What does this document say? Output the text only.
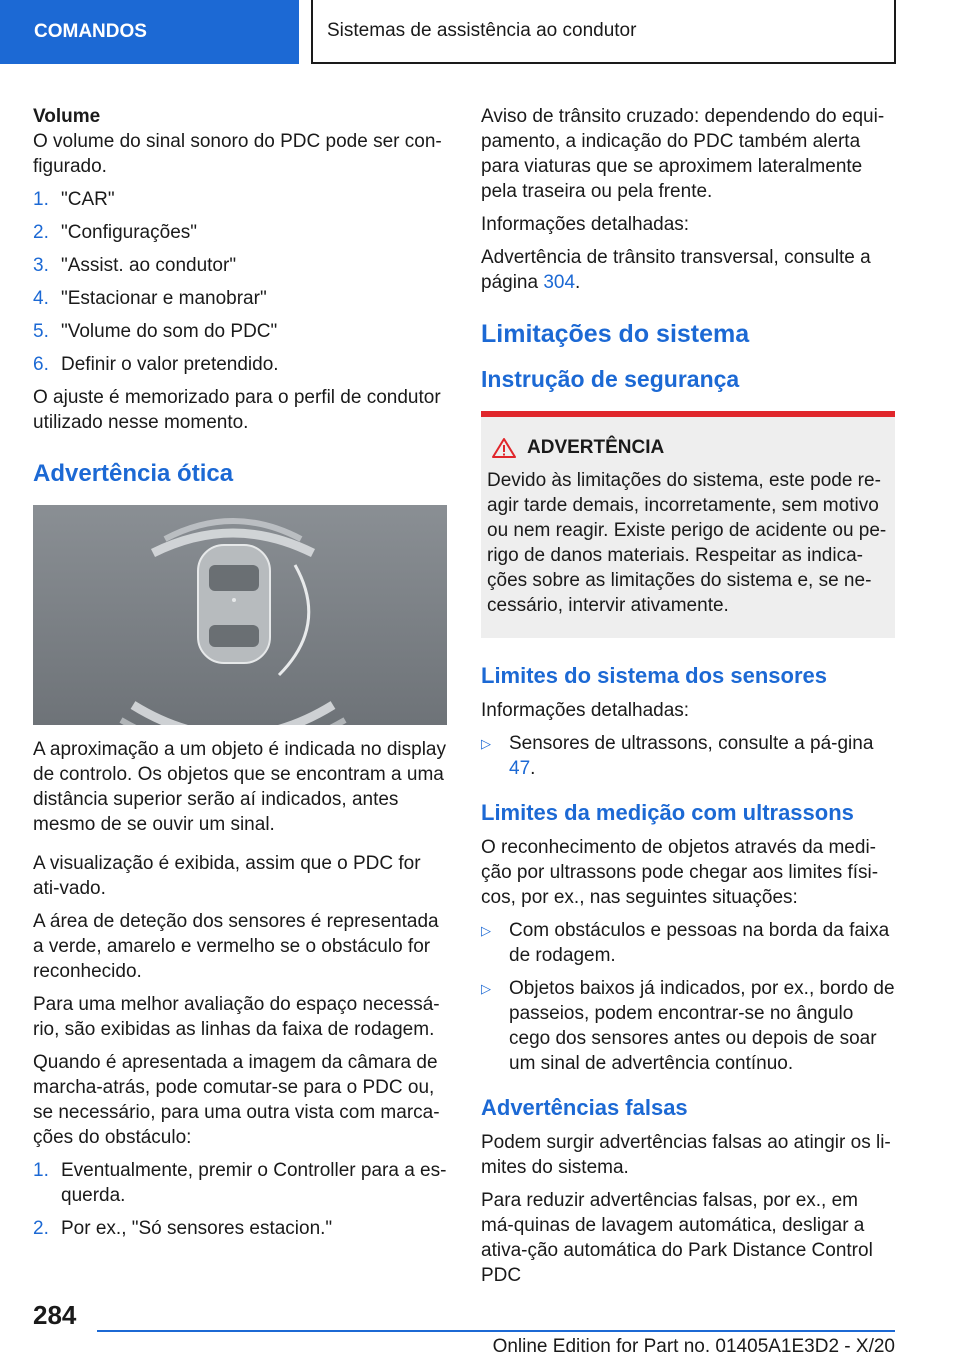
COMANDOS	Sistemas de assistência ao condutor

Volume

O volume do sinal sonoro do PDC pode ser con-figurado.

1. "CAR"
2. "Configurações"
3. "Assist. ao condutor"
4. "Estacionar e manobrar"
5. "Volume do som do PDC"
6. Definir o valor pretendido.

O ajuste é memorizado para o perfil de condutor utilizado nesse momento.

Advertência ótica

A aproximação a um objeto é indicada no display de controlo. Os objetos que se encontram a uma distância superior serão aí indicados, antes mesmo de se ouvir um sinal.

A visualização é exibida, assim que o PDC for ati-vado.

A área de deteção dos sensores é representada a verde, amarelo e vermelho se o obstáculo for reconhecido.

Para uma melhor avaliação do espaço necessá-rio, são exibidas as linhas da faixa de rodagem.

Quando é apresentada a imagem da câmara de marcha-atrás, pode comutar-se para o PDC ou, se necessário, para uma outra vista com marca-ções do obstáculo:

1. Eventualmente, premir o Controller para a es-querda.
2. Por ex., "Só sensores estacion."

Aviso de trânsito cruzado: dependendo do equi-pamento, a indicação do PDC também alerta para viaturas que se aproximem lateralmente pela traseira ou pela frente.

Informações detalhadas:

Advertência de trânsito transversal, consulte a página 304.

Limitações do sistema
Instrução de segurança
ADVERTÊNCIA

Devido às limitações do sistema, este pode re-agir tarde demais, incorretamente, sem motivo ou nem reagir. Existe perigo de acidente ou pe-rigo de danos materiais. Respeitar as indica-ções sobre as limitações do sistema e, se ne-cessário, intervir ativamente.

Limites do sistema dos sensores

Informações detalhadas:

▷ Sensores de ultrassons, consulte a pá-gina 47.
Limites da medição com ultrassons

O reconhecimento de objetos através da medi-ção por ultrassons pode chegar aos limites físi-cos, por ex., nas seguintes situações:

▷ Com obstáculos e pessoas na borda da faixa de rodagem.
▷ Objetos baixos já indicados, por ex., bordo de passeios, podem encontrar-se no ângulo cego dos sensores antes ou depois de soar um sinal de advertência contínuo.
Advertências falsas

Podem surgir advertências falsas ao atingir os li-mites do sistema.

Para reduzir advertências falsas, por ex., em má-quinas de lavagem automática, desligar a ativa-ção automática do Park Distance Control PDC

284
Online Edition for Part no. 01405A1E3D2 - X/20
